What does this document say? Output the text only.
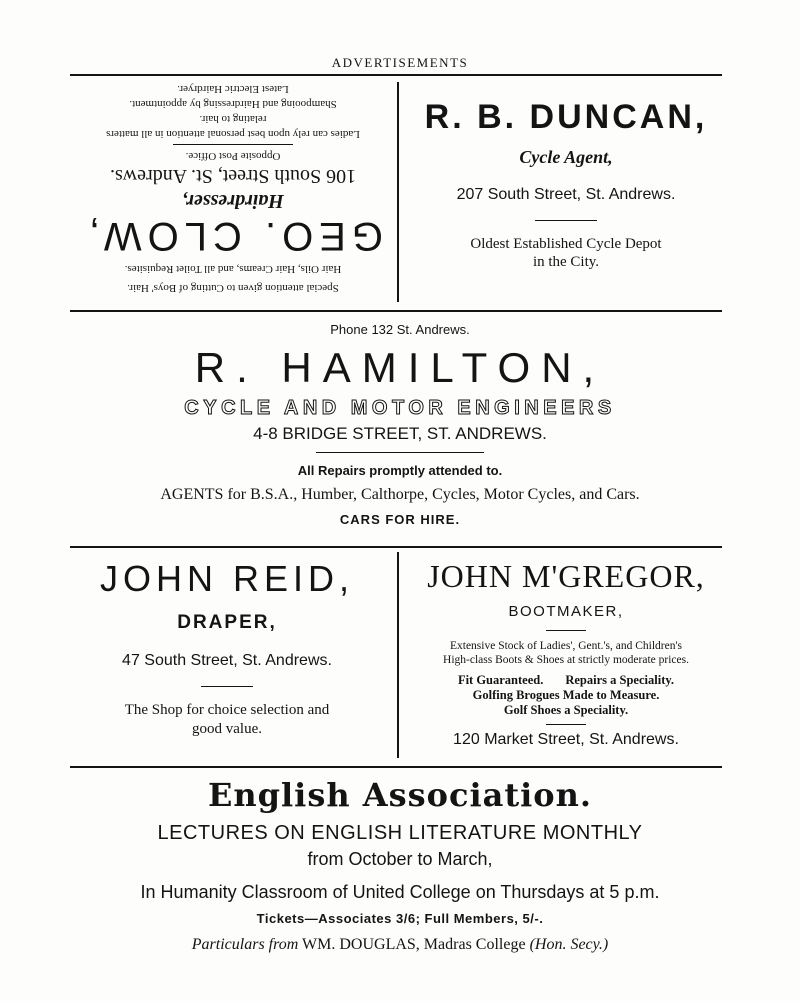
ADVERTISEMENTS
Special attention given to Cutting of Boys' Hair.
Hair Oils, Hair Creams, and all Toilet Requisites.
GEO. CLOW,
Hairdresser,
106 South Street, St. Andrews.
Opposite Post Office.
Ladies can rely upon best personal attention in all matters
relating to hair.
Shampooing and Hairdressing by appointment.
Latest Electric Hairdryer.
R. B. DUNCAN,
Cycle Agent,
207 South Street, St. Andrews.
Oldest Established Cycle Depot
in the City.
Phone 132 St. Andrews.
R. HAMILTON,
CYCLE AND MOTOR ENGINEERS
4-8 BRIDGE STREET, ST. ANDREWS.
All Repairs promptly attended to.
AGENTS for B.S.A., Humber, Calthorpe, Cycles, Motor Cycles, and Cars.
CARS FOR HIRE.
JOHN REID,
DRAPER,
47 South Street, St. Andrews.
The Shop for choice selection and
good value.
JOHN M'GREGOR,
BOOTMAKER,
Extensive Stock of Ladies', Gent.'s, and Children's
High-class Boots & Shoes at strictly moderate prices.
Fit Guaranteed. Repairs a Speciality.
Golfing Brogues Made to Measure.
Golf Shoes a Speciality.
120 Market Street, St. Andrews.
English Association.
LECTURES ON ENGLISH LITERATURE MONTHLY
from October to March,
In Humanity Classroom of United College on Thursdays at 5 p.m.
Tickets—Associates 3/6; Full Members, 5/-.
Particulars from WM. DOUGLAS, Madras College (Hon. Secy.)
